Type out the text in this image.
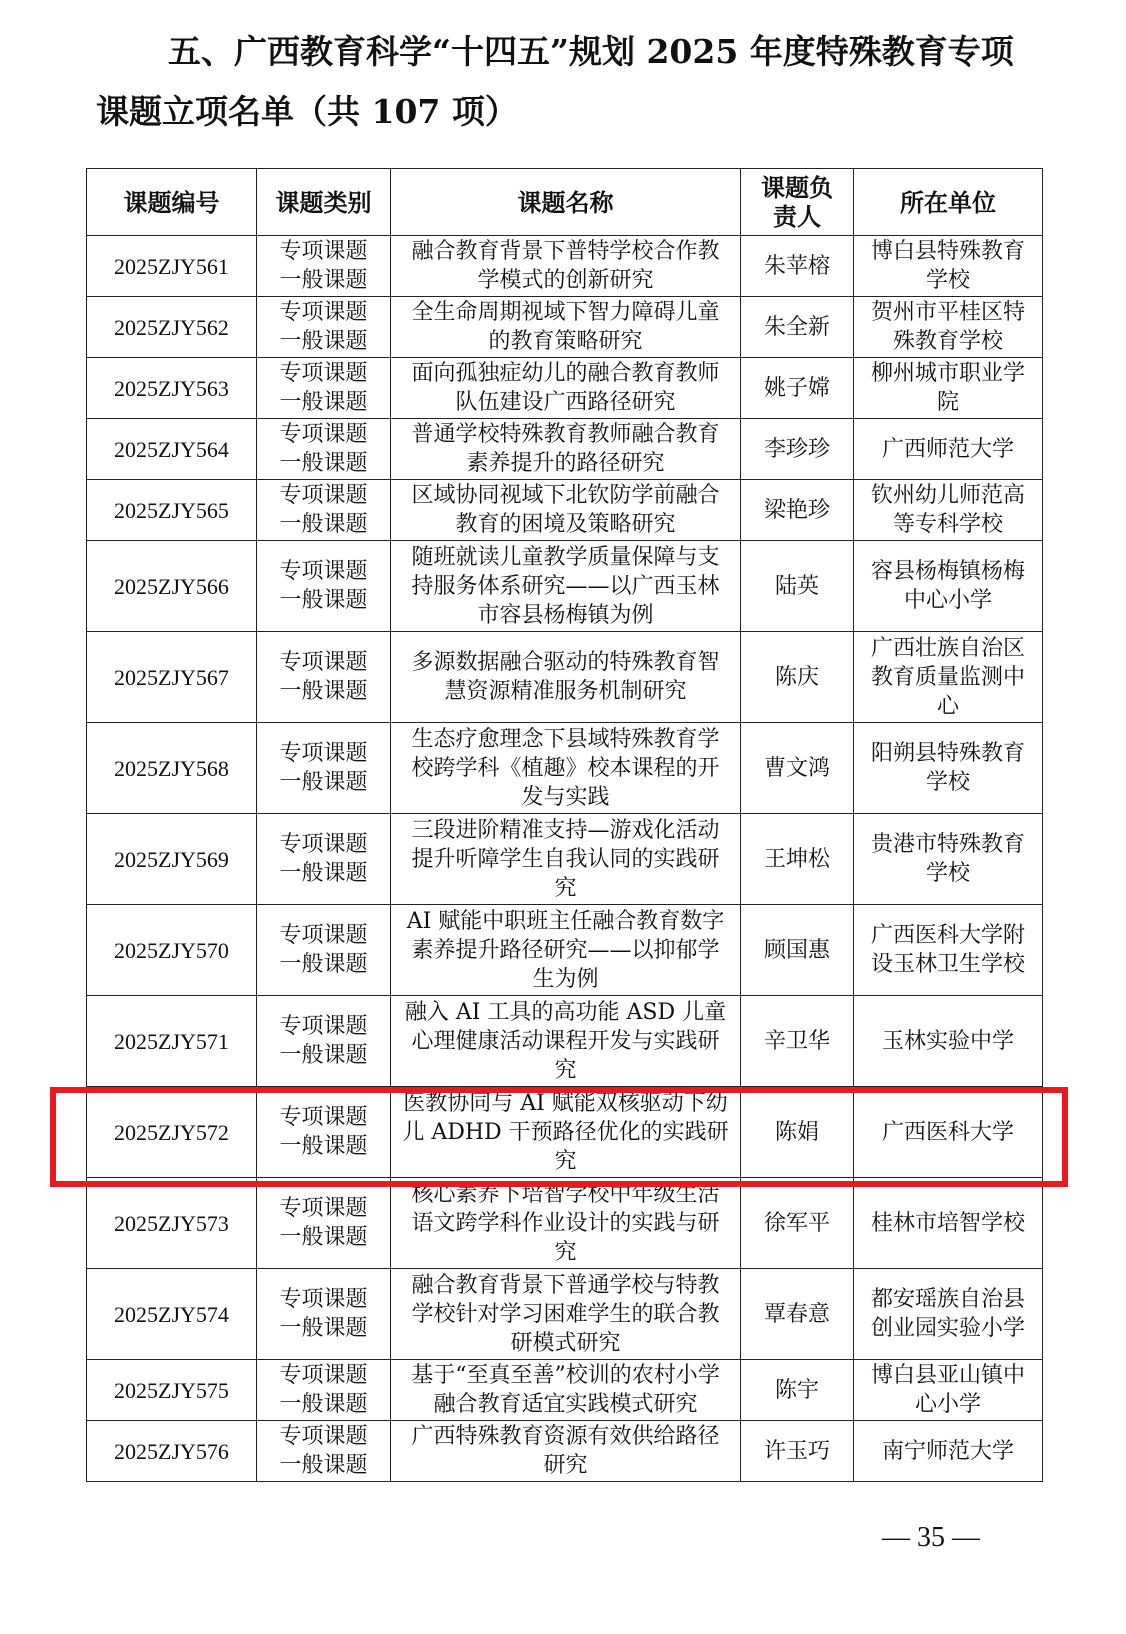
五、广西教育科学“十四五”规划 2025 年度特殊教育专项
课题立项名单（共 107 项）
课题编号	课题类别	课题名称	课题负责人	所在单位
2025ZJY561	专项课题
一般课题	融合教育背景下普特学校合作教学模式的创新研究	朱苹榕	博白县特殊教育学校
2025ZJY562	专项课题
一般课题	全生命周期视域下智力障碍儿童的教育策略研究	朱全新	贺州市平桂区特殊教育学校
2025ZJY563	专项课题
一般课题	面向孤独症幼儿的融合教育教师队伍建设广西路径研究	姚子嫦	柳州城市职业学院
2025ZJY564	专项课题
一般课题	普通学校特殊教育教师融合教育素养提升的路径研究	李珍珍	广西师范大学
2025ZJY565	专项课题
一般课题	区域协同视域下北钦防学前融合教育的困境及策略研究	梁艳珍	钦州幼儿师范高等专科学校
2025ZJY566	专项课题
一般课题	随班就读儿童教学质量保障与支持服务体系研究——以广西玉林市容县杨梅镇为例	陆英	容县杨梅镇杨梅中心小学
2025ZJY567	专项课题
一般课题	多源数据融合驱动的特殊教育智慧资源精准服务机制研究	陈庆	广西壮族自治区教育质量监测中心
2025ZJY568	专项课题
一般课题	生态疗愈理念下县域特殊教育学校跨学科《植趣》校本课程的开发与实践	曹文鸿	阳朔县特殊教育学校
2025ZJY569	专项课题
一般课题	三段进阶精准支持—游戏化活动提升听障学生自我认同的实践研究	王坤松	贵港市特殊教育学校
2025ZJY570	专项课题
一般课题	AI 赋能中职班主任融合教育数字素养提升路径研究——以抑郁学生为例	顾国惠	广西医科大学附设玉林卫生学校
2025ZJY571	专项课题
一般课题	融入 AI 工具的高功能 ASD 儿童心理健康活动课程开发与实践研究	辛卫华	玉林实验中学
2025ZJY572	专项课题
一般课题	医教协同与 AI 赋能双核驱动下幼儿 ADHD 干预路径优化的实践研究	陈娟	广西医科大学
2025ZJY573	专项课题
一般课题	核心素养下培智学校中年级生活语文跨学科作业设计的实践与研究	徐军平	桂林市培智学校
2025ZJY574	专项课题
一般课题	融合教育背景下普通学校与特教学校针对学习困难学生的联合教研模式研究	覃春意	都安瑶族自治县创业园实验小学
2025ZJY575	专项课题
一般课题	基于“至真至善”校训的农村小学融合教育适宜实践模式研究	陈宇	博白县亚山镇中心小学
2025ZJY576	专项课题
一般课题	广西特殊教育资源有效供给路径研究	许玉巧	南宁师范大学
— 35 —
